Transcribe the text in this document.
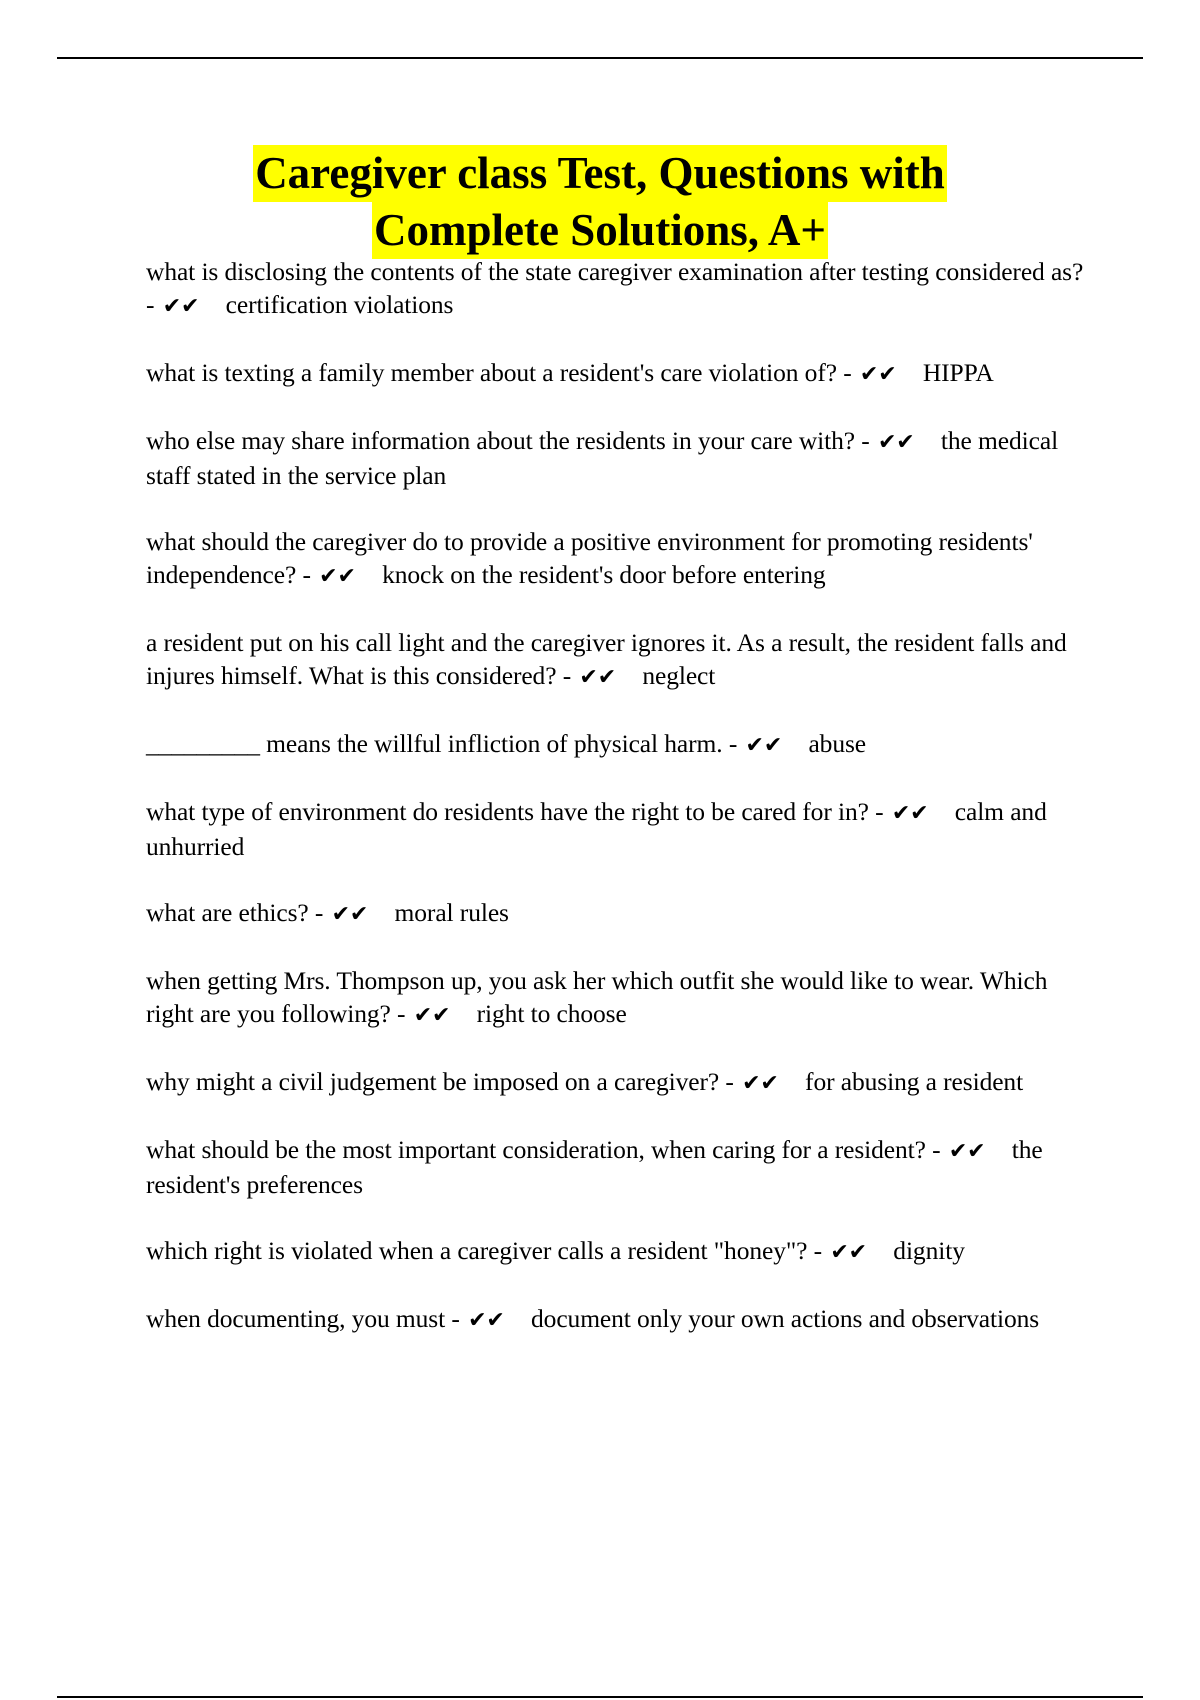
Caregiver class Test, Questions with
Complete Solutions, A+
what is disclosing the contents of the state caregiver examination after testing considered as? - ✔✔ certification violations
what is texting a family member about a resident's care violation of? - ✔✔ HIPPA
who else may share information about the residents in your care with? - ✔✔ the medical staff stated in the service plan
what should the caregiver do to provide a positive environment for promoting residents' independence? - ✔✔ knock on the resident's door before entering
a resident put on his call light and the caregiver ignores it. As a result, the resident falls and injures himself. What is this considered? - ✔✔ neglect
_________ means the willful infliction of physical harm. - ✔✔ abuse
what type of environment do residents have the right to be cared for in? - ✔✔ calm and unhurried
what are ethics? - ✔✔ moral rules
when getting Mrs. Thompson up, you ask her which outfit she would like to wear. Which right are you following? - ✔✔ right to choose
why might a civil judgement be imposed on a caregiver? - ✔✔ for abusing a resident
what should be the most important consideration, when caring for a resident? - ✔✔ the resident's preferences
which right is violated when a caregiver calls a resident "honey"? - ✔✔ dignity
when documenting, you must - ✔✔ document only your own actions and observations
